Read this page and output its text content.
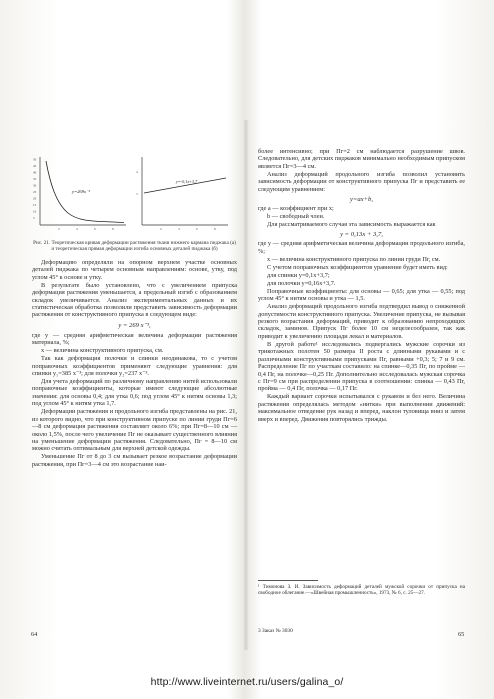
50
45
40
35
30
25
20
15
10
5
2	4	6	8
y=269x⁻³
4
3
2	4	6	8
y=-0,1x+3,7
Рис. 21. Теоретическая кривая деформации растяжения ткани нижнего кармана пиджака (а) и теоретическая прямая деформации изгиба основных деталей пиджака (б)

Деформацию определяли на опорном верхнем участке основных деталей пиджака по четырем основным направлениям: основе, утку, под углом 45° к основе и утку.

В результате было установлено, что с увеличением припуска деформация растяжения уменьшается, а предельный изгиб с образованием складок увеличивается. Анализ экспериментальных данных и их статистическая обработка позволили представить зависимость деформации растяжения от конструктивного припуска в следующем виде:

y = 269 x⁻³,

где y — средняя арифметическая величина деформации растяжения материала, %;

x — величина конструктивного припуска, см.

Так как деформация полочки и спинки неодинакова, то с учетом поправочных коэффициентов применяют следующие уравнения: для спинки y₁=385 x⁻³; для полочки y₂=237 x⁻³.

Для учета деформаций по различному направлению нитей использовали поправочные коэффициенты, которые имеют следующие абсолютные значения: для основы 0,4; для утка 0,6; под углом 45° к нитям основы 1,3; под углом 45° к нитям утка 1,7.

Деформации растяжения и продольного изгиба представлены на рис. 21, из которого видно, что при конструктивном припуске по линии груди Пг=6—8 см деформация растяжения составляет около 6%; при Пг=8—10 см — около 1,5%, после чего увеличение Пг не оказывает существенного влияния на уменьшение деформации растяжения. Следовательно, Пг = 8—10 см можно считать оптимальным для верхней детской одежды.

Уменьшение Пг от 8 до 3 см вызывает резкое возрастание деформации растяжения, при Пг=3—4 см это возрастание наи-

64

более интенсивно; при Пг=2 см наблюдается разрушение швов. Следовательно, для детских пиджаков минимально необходимым припуском является Пг=3—4 см.

Анализ деформаций продольного изгиба позволил установить зависимость деформации от конструктивного припуска Пг и представить ее следующим уравнением:

y=ax+b,

где a — коэффициент при x;

b — свободный член.

Для рассматриваемого случая эта зависимость выражается как

y = 0,13x + 3,7,

где y — средняя арифметическая величина деформации продольного изгиба, %;

x — величина конструктивного припуска по линии груди Пг, см.

С учетом поправочных коэффициентов уравнение будет иметь вид:

для спинки y=0,1x+3,7;

для полочки y=0,16x+3,7.

Поправочные коэффициенты: для основы — 0,65; для утка — 0,55; под углом 45° к нитям основы и утка — 1,5.

Анализ деформаций продольного изгиба подтвердил вывод о сниженной допустимости конструктивного припуска. Увеличение припуска, не вызывая резкого возрастания деформаций, приводит к образованию непроходящих складок, заминов. Припуск Пг более 10 см нецелесообразен, так как приводит к увеличению площади лекал и материалов.

В другой работе¹ исследовались подвергались мужские сорочки из трикотажных полотен 50 размера II роста с длинными рукавами и с различными конструктивными припусками Пг, равными +0,3; 5; 7 и 9 см. Распределение Пг по участкам составило: на спинке—0,35 Пг, по пройме — 0,4 Пг, на полочке—0,25 Пг. Дополнительно исследовалась мужская сорочка с Пг=9 см при распределении припуска в соотношении: спинка — 0,43 Пг, пройма — 0,4 Пг, полочка — 0,17 Пг.

Каждый вариант сорочки испытывался с рукавом и без него. Величина растяжения определялась методом «нитки» при выполнении движений: максимальное отведение рук назад и вперед, наклон туловища вниз и затем вверх и вперед. Движения повторялись трижды.

¹ Тимонова З. И. Зависимость деформаций деталей мужской сорочки от припуска на свободное облегание.—«Швейная промышленность», 1973, № 6, с. 25—27.
3 Заказ № 3030	65
http://www.liveinternet.ru/users/galina_o/
